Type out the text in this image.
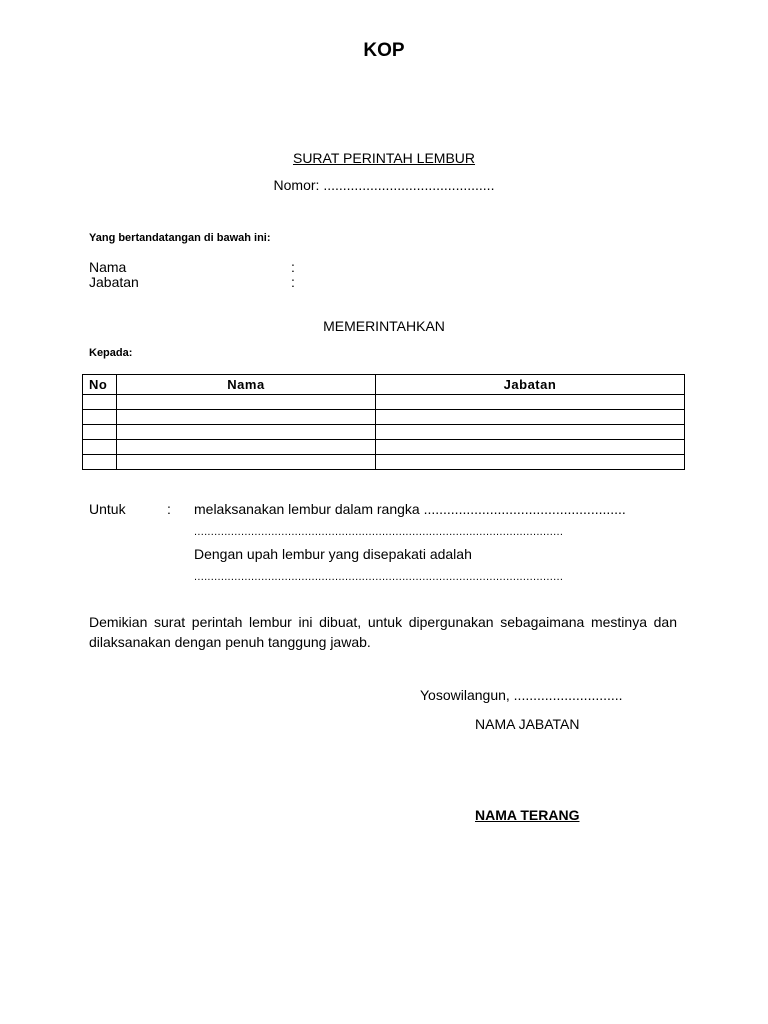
KOP
SURAT PERINTAH LEMBUR
Nomor: ............................................
Yang bertandatangan di bawah ini:
Nama	:
Jabatan	:
MEMERINTAHKAN
Kepada:
No	Nama	Jabatan

Untuk	: melaksanakan lembur dalam rangka ....................................................
..............................................................................................................
Dengan upah lembur yang disepakati adalah
..............................................................................................................
Demikian surat perintah lembur ini dibuat, untuk dipergunakan sebagaimana mestinya dan dilaksanakan dengan penuh tanggung jawab.
Yosowilangun, ............................
NAMA JABATAN
NAMA TERANG
